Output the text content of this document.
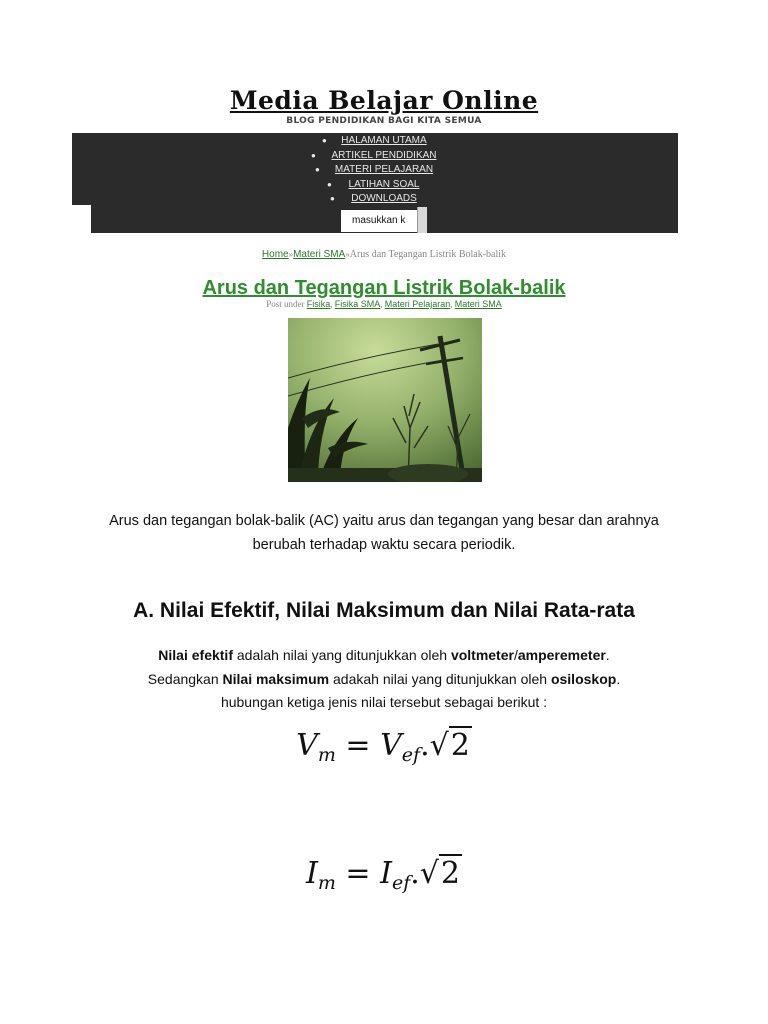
Media Belajar Online
BLOG PENDIDIKAN BAGI KITA SEMUA
● HALAMAN UTAMA
● ARTIKEL PENDIDIKAN
● MATERI PELAJARAN
● LATIHAN SOAL
● DOWNLOADS
masukkan k
Home»Materi SMA»Arus dan Tegangan Listrik Bolak-balik
Arus dan Tegangan Listrik Bolak-balik
Post under Fisika, Fisika SMA, Materi Pelajaran, Materi SMA
Arus dan tegangan bolak-balik (AC) yaitu arus dan tegangan yang besar dan arahnya berubah terhadap waktu secara periodik.
A. Nilai Efektif, Nilai Maksimum dan Nilai Rata-rata
Nilai efektif adalah nilai yang ditunjukkan oleh voltmeter/amperemeter.
Sedangkan Nilai maksimum adakah nilai yang ditunjukkan oleh osiloskop.
hubungan ketiga jenis nilai tersebut sebagai berikut :
$V_m = V_{ef}.√2$
$I_m = I_{ef}.√2$
